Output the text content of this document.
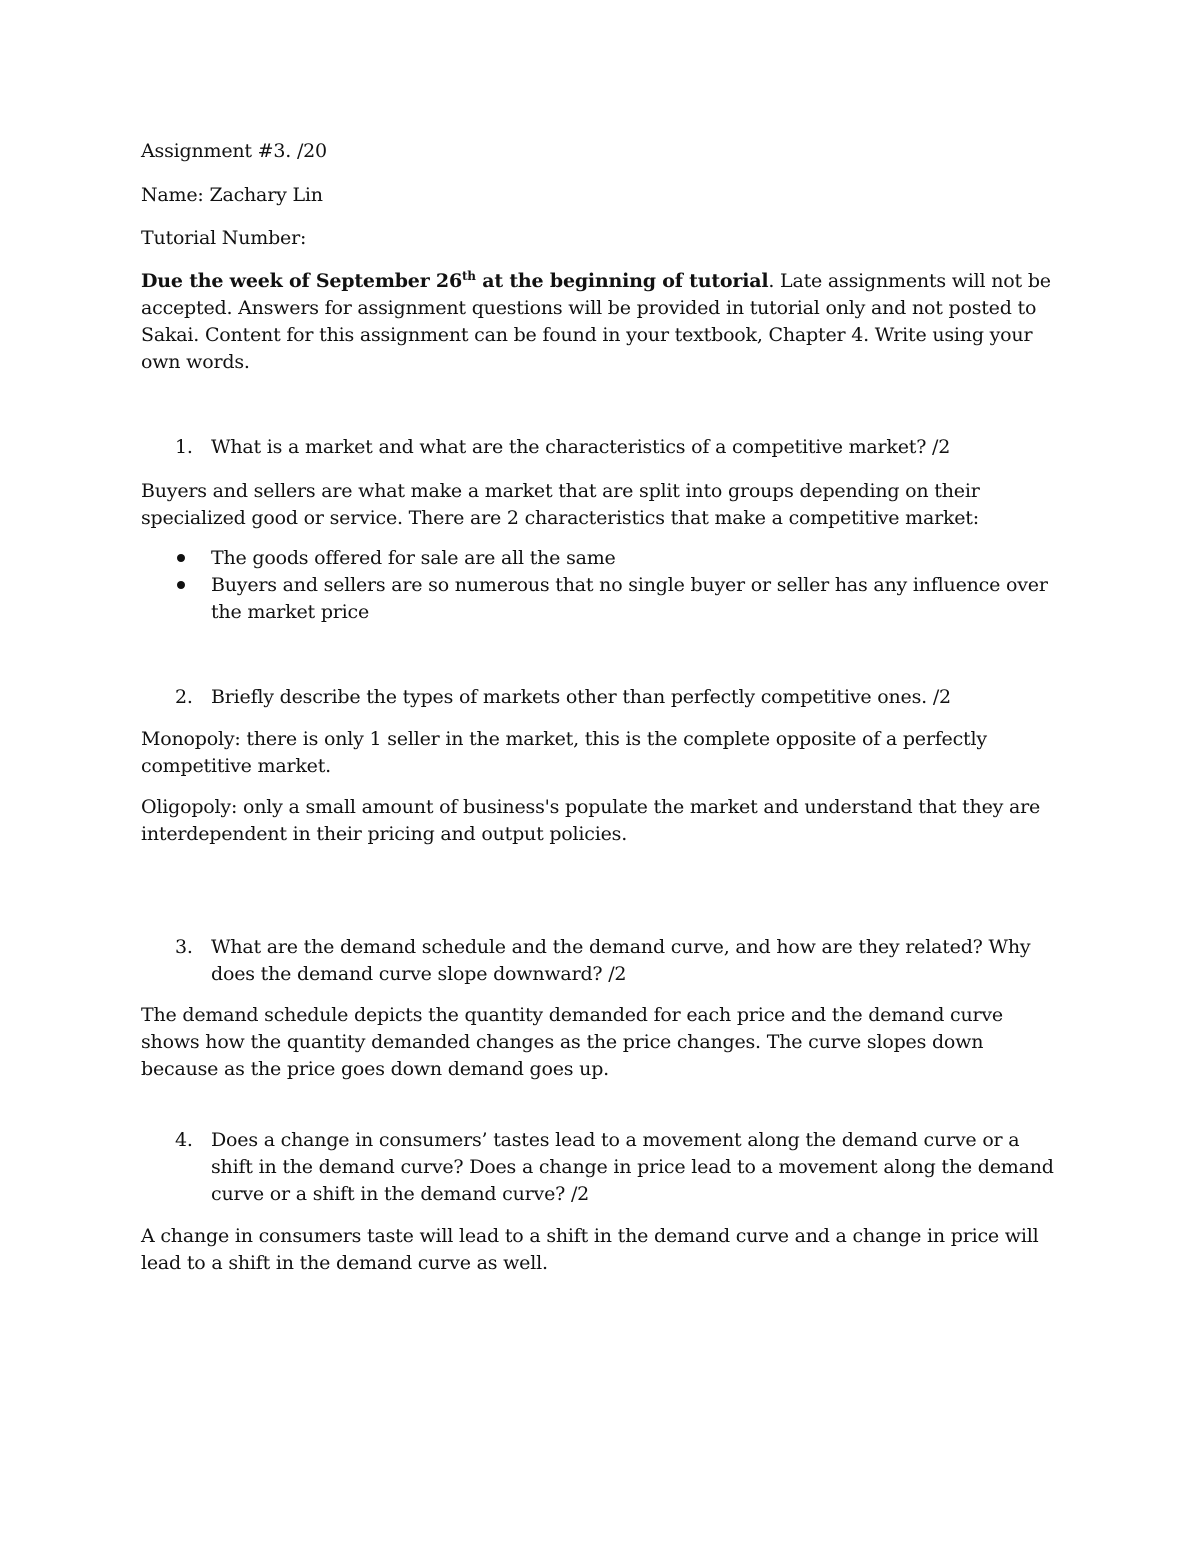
Assignment #3. /20

Name: Zachary Lin

Tutorial Number:

Due the week of September 26th at the beginning of tutorial. Late assignments will not be accepted. Answers for assignment questions will be provided in tutorial only and not posted to Sakai. Content for this assignment can be found in your textbook, Chapter 4. Write using your own words.

1. What is a market and what are the characteristics of a competitive market? /2

Buyers and sellers are what make a market that are split into groups depending on their specialized good or service. There are 2 characteristics that make a competitive market:

The goods offered for sale are all the same
Buyers and sellers are so numerous that no single buyer or seller has any influence over the market price
2. Briefly describe the types of markets other than perfectly competitive ones. /2

Monopoly: there is only 1 seller in the market, this is the complete opposite of a perfectly competitive market.

Oligopoly: only a small amount of business's populate the market and understand that they are interdependent in their pricing and output policies.

3. What are the demand schedule and the demand curve, and how are they related? Why does the demand curve slope downward? /2

The demand schedule depicts the quantity demanded for each price and the demand curve shows how the quantity demanded changes as the price changes. The curve slopes down because as the price goes down demand goes up.

4. Does a change in consumers’ tastes lead to a movement along the demand curve or a shift in the demand curve? Does a change in price lead to a movement along the demand curve or a shift in the demand curve? /2

A change in consumers taste will lead to a shift in the demand curve and a change in price will lead to a shift in the demand curve as well.
